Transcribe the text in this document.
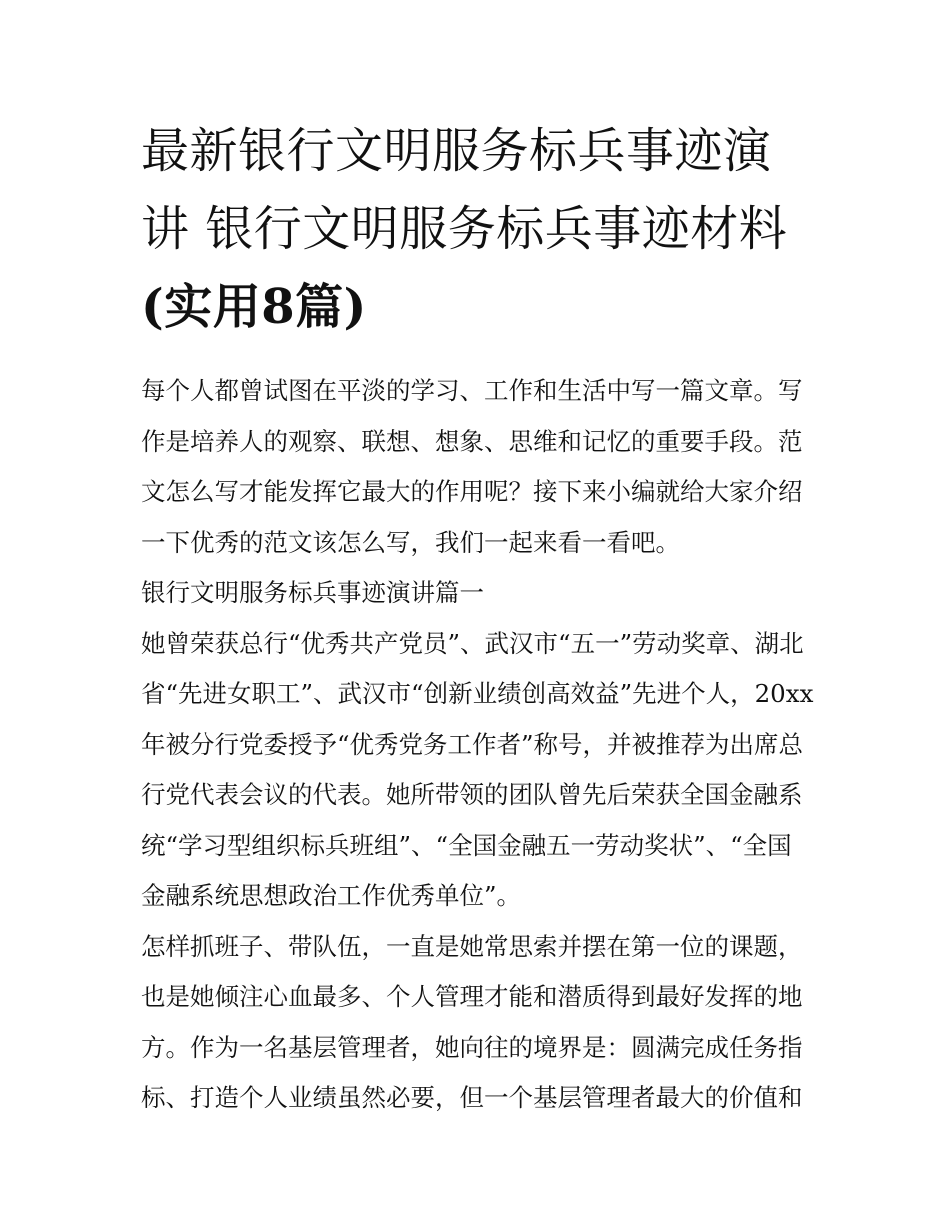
最新银行文明服务标兵事迹演
讲 银行文明服务标兵事迹材料
(实用8篇)

每个人都曾试图在平淡的学习、工作和生活中写一篇文章。写
作是培养人的观察、联想、想象、思维和记忆的重要手段。范
文怎么写才能发挥它最大的作用呢？接下来小编就给大家介绍
一下优秀的范文该怎么写，我们一起来看一看吧。

银行文明服务标兵事迹演讲篇一

她曾荣获总行“优秀共产党员”、武汉市“五一”劳动奖章、湖北
省“先进女职工”、武汉市“创新业绩创高效益”先进个人，20xx
年被分行党委授予“优秀党务工作者”称号，并被推荐为出席总
行党代表会议的代表。她所带领的团队曾先后荣获全国金融系
统“学习型组织标兵班组”、“全国金融五一劳动奖状”、“全国
金融系统思想政治工作优秀单位”。

怎样抓班子、带队伍，一直是她常思索并摆在第一位的课题，
也是她倾注心血最多、个人管理才能和潜质得到最好发挥的地
方。作为一名基层管理者，她向往的境界是：圆满完成任务指
标、打造个人业绩虽然必要，但一个基层管理者最大的价值和
